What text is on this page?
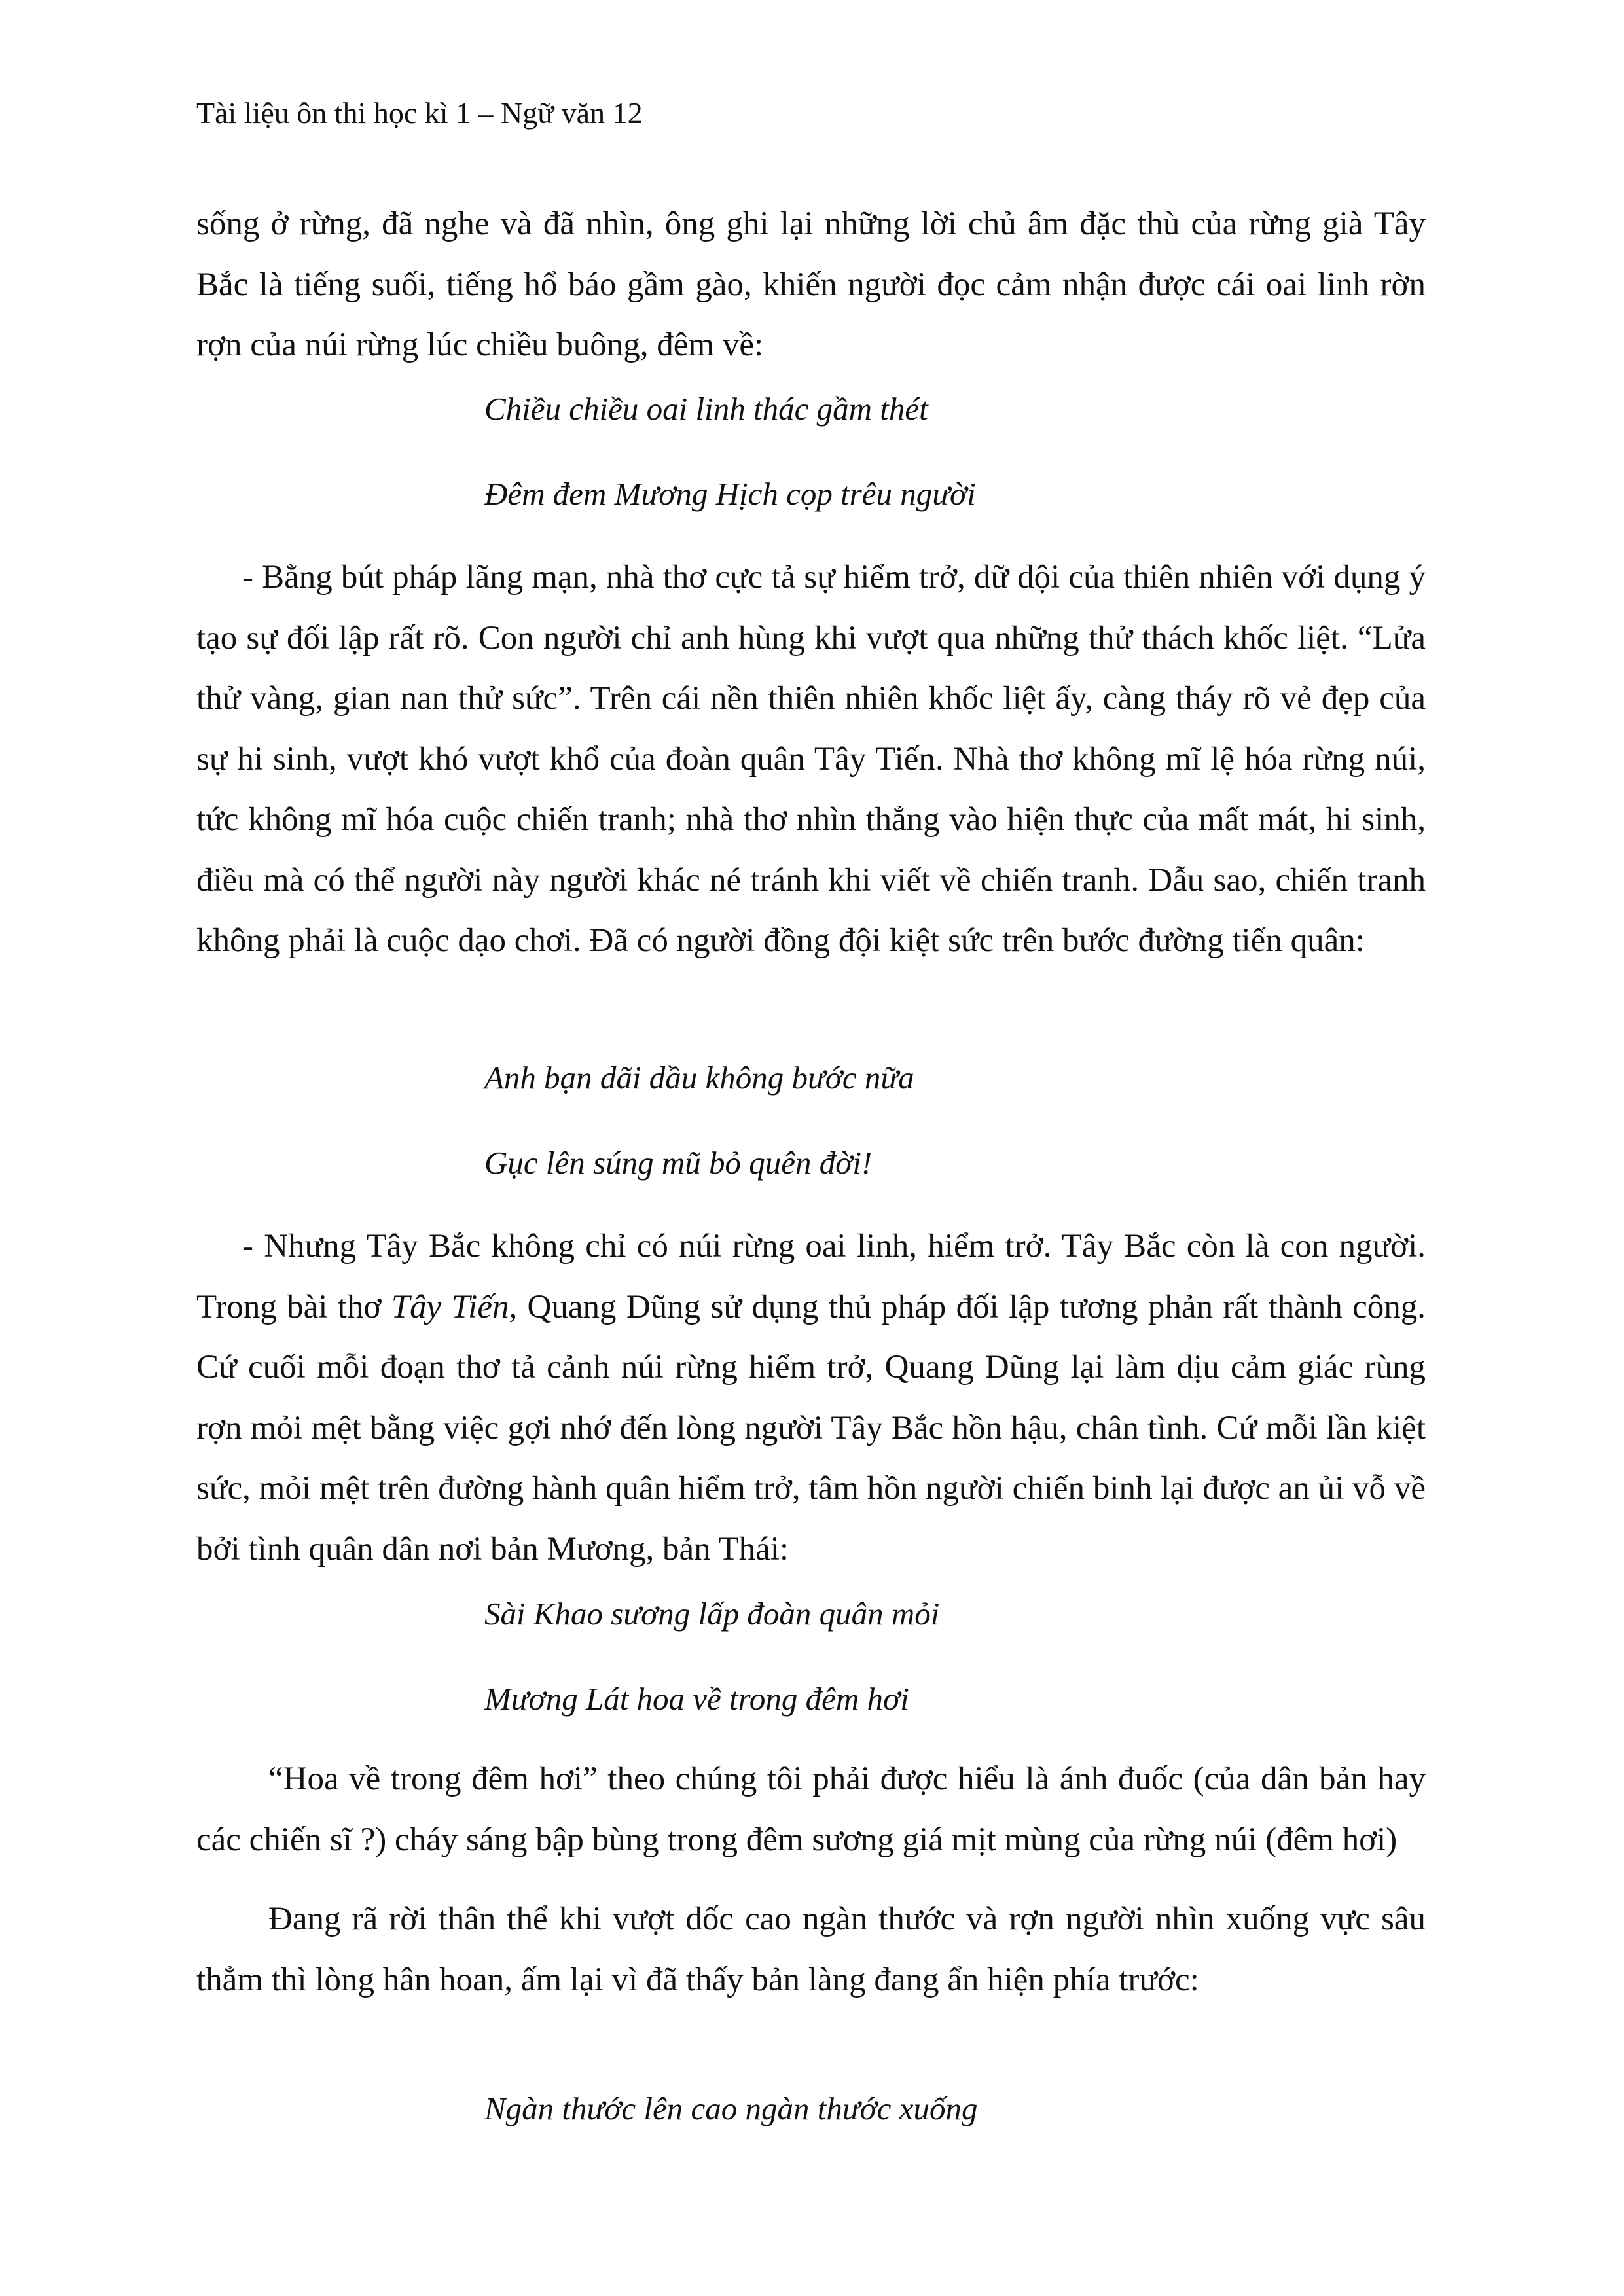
Tài liệu ôn thi học kì 1 – Ngữ văn 12
sống ở rừng, đã nghe và đã nhìn, ông ghi lại những lời chủ âm đặc thù của rừng già Tây Bắc là tiếng suối, tiếng hổ báo gầm gào, khiến người đọc cảm nhận được cái oai linh rờn rợn của núi rừng lúc chiều buông, đêm về:
Chiều chiều oai linh thác gầm thét
Đêm đem Mương Hịch cọp trêu người
- Bằng bút pháp lãng mạn, nhà thơ cực tả sự hiểm trở, dữ dội của thiên nhiên với dụng ý tạo sự đối lập rất rõ. Con người chỉ anh hùng khi vượt qua những thử thách khốc liệt. “Lửa thử vàng, gian nan thử sức”. Trên cái nền thiên nhiên khốc liệt ấy, càng tháy rõ vẻ đẹp của sự hi sinh, vượt khó vượt khổ của đoàn quân Tây Tiến. Nhà thơ không mĩ lệ hóa rừng núi, tức không mĩ hóa cuộc chiến tranh; nhà thơ nhìn thẳng vào hiện thực của mất mát, hi sinh, điều mà có thể người này người khác né tránh khi viết về chiến tranh. Dẫu sao, chiến tranh không phải là cuộc dạo chơi. Đã có người đồng đội kiệt sức trên bước đường tiến quân:
Anh bạn dãi dầu không bước nữa
Gục lên súng mũ bỏ quên đời!
- Nhưng Tây Bắc không chỉ có núi rừng oai linh, hiểm trở. Tây Bắc còn là con người. Trong bài thơ Tây Tiến, Quang Dũng sử dụng thủ pháp đối lập tương phản rất thành công. Cứ cuối mỗi đoạn thơ tả cảnh núi rừng hiểm trở, Quang Dũng lại làm dịu cảm giác rùng rợn mỏi mệt bằng việc gợi nhớ đến lòng người Tây Bắc hồn hậu, chân tình. Cứ mỗi lần kiệt sức, mỏi mệt trên đường hành quân hiểm trở, tâm hồn người chiến binh lại được an ủi vỗ về bởi tình quân dân nơi bản Mương, bản Thái:
Sài Khao sương lấp đoàn quân mỏi
Mương Lát hoa về trong đêm hơi
“Hoa về trong đêm hơi” theo chúng tôi phải được hiểu là ánh đuốc (của dân bản hay các chiến sĩ ?) cháy sáng bập bùng trong đêm sương giá mịt mùng của rừng núi (đêm hơi)
Đang rã rời thân thể khi vượt dốc cao ngàn thước và rợn người nhìn xuống vực sâu thẳm thì lòng hân hoan, ấm lại vì đã thấy bản làng đang ẩn hiện phía trước:
Ngàn thước lên cao ngàn thước xuống
